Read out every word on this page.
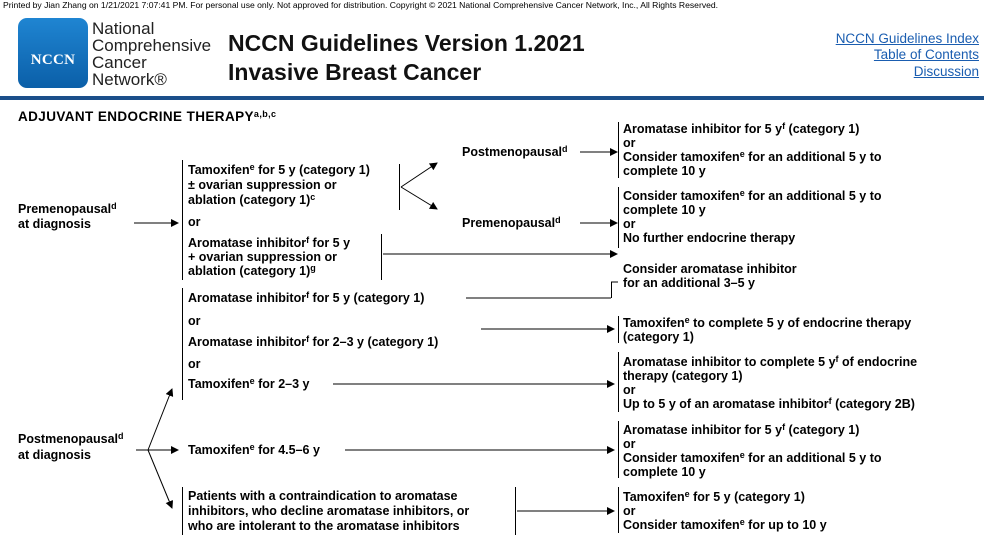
Printed by Jian Zhang on 1/21/2021 7:07:41 PM. For personal use only. Not approved for distribution. Copyright © 2021 National Comprehensive Cancer Network, Inc., All Rights Reserved.
NCCN
National
Comprehensive
Cancer
Network®
NCCN Guidelines Version 1.2021
Invasive Breast Cancer
NCCN Guidelines Index
Table of Contents
Discussion
ADJUVANT ENDOCRINE THERAPY$^{a,b,c}$
Premenopausal$^d$
at diagnosis
Tamoxifen$^e$ for 5 y (category 1)
± ovarian suppression or
ablation (category 1)$^c$
or
Aromatase inhibitor$^f$ for 5 y
+ ovarian suppression or
ablation (category 1)$^g$
Postmenopausal$^d$
Premenopausal$^d$
Aromatase inhibitor for 5 $y^f$ (category 1)
or
Consider tamoxifen$^e$ for an additional 5 y to
complete 10 y
Consider tamoxifen$^e$ for an additional 5 y to
complete 10 y
or
No further endocrine therapy
Consider aromatase inhibitor
for an additional 3–5 y
Aromatase inhibitor$^f$ for 5 y (category 1)
or
Aromatase inhibitor$^f$ for 2–3 y (category 1)
or
Tamoxifen$^e$ for 2–3 y
Postmenopausal$^d$
at diagnosis	Tamoxifen$^e$ for 4.5–6 y
Patients with a contraindication to aromatase
inhibitors, who decline aromatase inhibitors, or
who are intolerant to the aromatase inhibitors
Tamoxifen$^e$ to complete 5 y of endocrine therapy
(category 1)
Aromatase inhibitor to complete 5 $y^f$ of endocrine
therapy (category 1)
or
Up to 5 y of an aromatase inhibitor$^f$ (category 2B)
Aromatase inhibitor for 5 $y^f$ (category 1)
or
Consider tamoxifen$^e$ for an additional 5 y to
complete 10 y
Tamoxifen$^e$ for 5 y (category 1)
or
Consider tamoxifen$^e$ for up to 10 y
